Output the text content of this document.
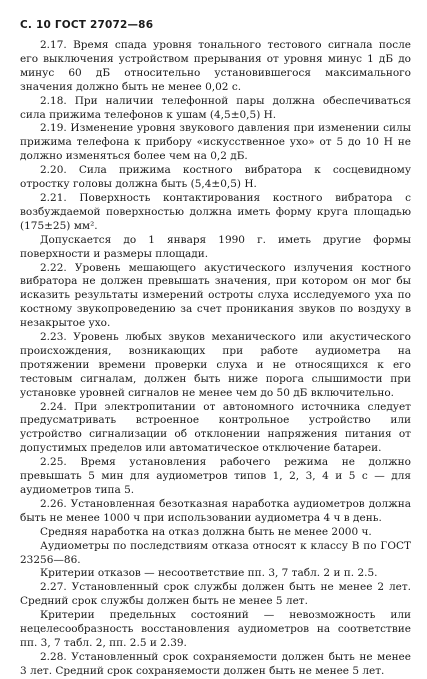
С. 10 ГОСТ 27072—86

2.17. Время спада уровня тонального тестового сигнала после его выключения устройством прерывания от уровня минус 1 дБ до минус 60 дБ относительно установившегося максимального значения должно быть не менее 0,02 с.

2.18. При наличии телефонной пары должна обеспечиваться сила прижима телефонов к ушам (4,5±0,5) Н.

2.19. Изменение уровня звукового давления при изменении силы прижима телефона к прибору «искусственное ухо» от 5 до 10 Н не должно изменяться более чем на 0,2 дБ.

2.20. Сила прижима костного вибратора к сосцевидному отростку головы должна быть (5,4±0,5) Н.

2.21. Поверхность контактирования костного вибратора с возбуждаемой поверхностью должна иметь форму круга площадью (175±25) мм².

Допускается до 1 января 1990 г. иметь другие формы поверхности и размеры площади.

2.22. Уровень мешающего акустического излучения костного вибратора не должен превышать значения, при котором он мог бы исказить результаты измерений остроты слуха исследуемого уха по костному звукопроведению за счет проникания звуков по воздуху в незакрытое ухо.

2.23. Уровень любых звуков механического или акустического происхождения, возникающих при работе аудиометра на протяжении времени проверки слуха и не относящихся к его тестовым сигналам, должен быть ниже порога слышимости при установке уровней сигналов не менее чем до 50 дБ включительно.

2.24. При электропитании от автономного источника следует предусматривать встроенное контрольное устройство или устройство сигнализации об отклонении напряжения питания от допустимых пределов или автоматическое отключение батареи.

2.25. Время установления рабочего режима не должно превышать 5 мин для аудиометров типов 1, 2, 3, 4 и 5 с — для аудиометров типа 5.

2.26. Установленная безотказная наработка аудиометров должна быть не менее 1000 ч при использовании аудиометра 4 ч в день.

Средняя наработка на отказ должна быть не менее 2000 ч.

Аудиометры по последствиям отказа относят к классу В по ГОСТ 23256—86.

Критерии отказов — несоответствие пп. 3, 7 табл. 2 и п. 2.5.

2.27. Установленный срок службы должен быть не менее 2 лет. Средний срок службы должен быть не менее 5 лет.

Критерии предельных состояний — невозможность или нецелесообразность восстановления аудиометров на соответствие пп. 3, 7 табл. 2, пп. 2.5 и 2.39.

2.28. Установленный срок сохраняемости должен быть не менее 3 лет. Средний срок сохраняемости должен быть не менее 5 лет.
